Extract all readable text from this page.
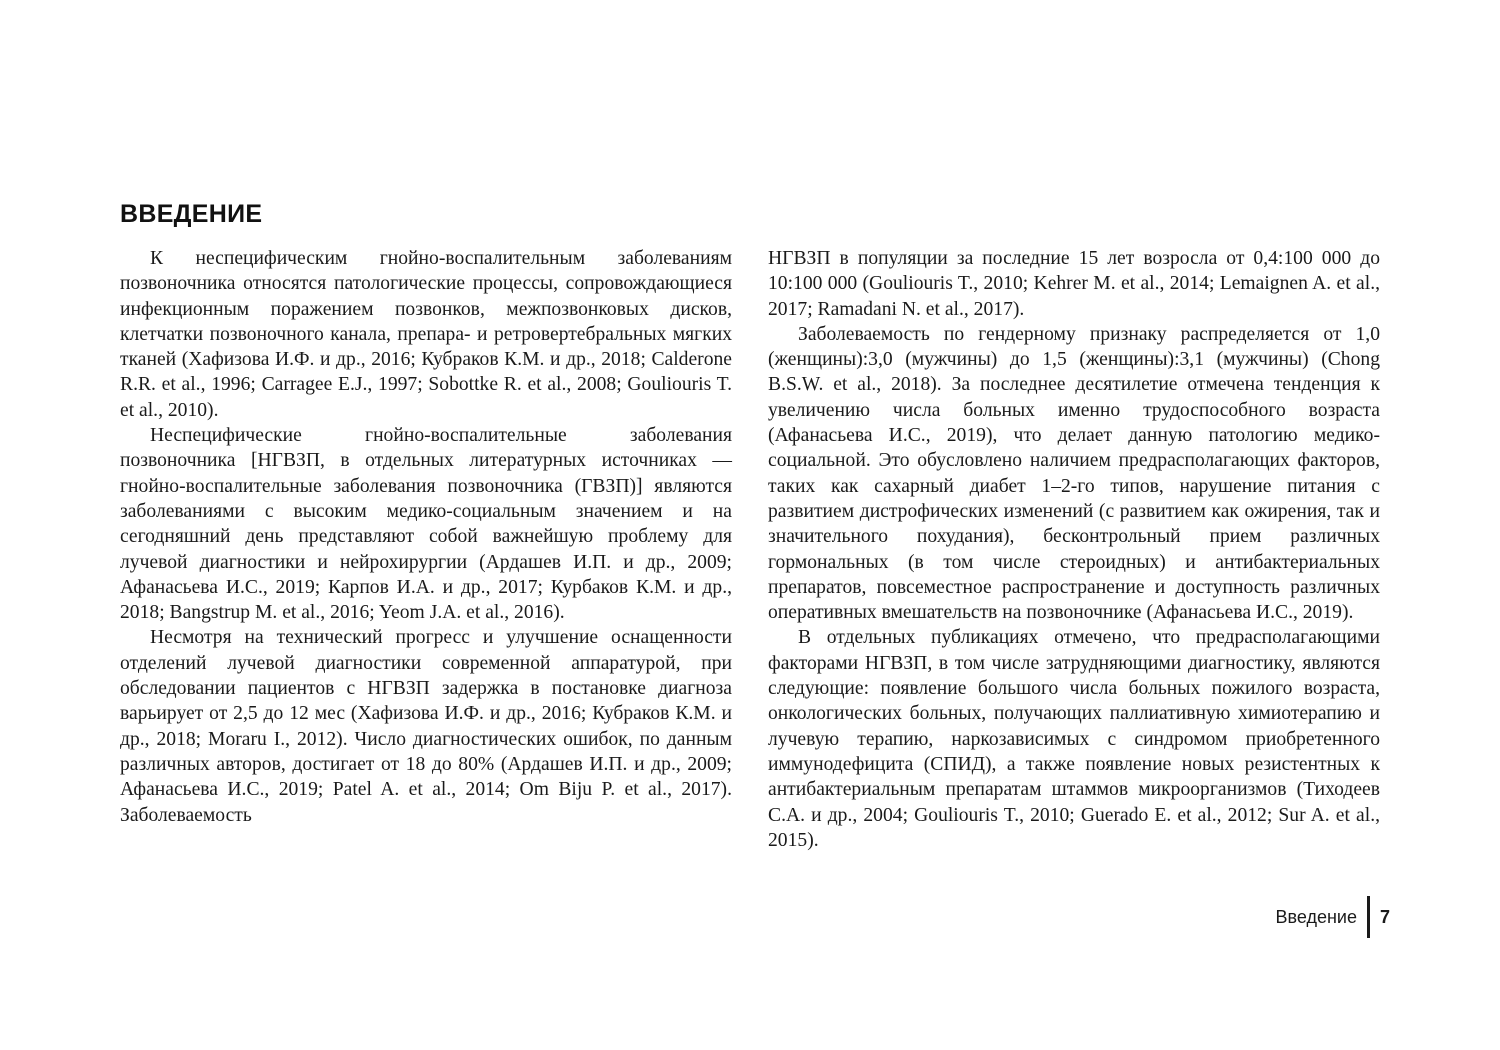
ВВЕДЕНИЕ

К неспецифическим гнойно-воспалительным заболеваниям позвоночника относятся патологические процессы, сопровождающиеся инфекционным поражением позвонков, межпозвонковых дисков, клетчатки позвоночного канала, препара- и ретровертебральных мягких тканей (Хафизова И.Ф. и др., 2016; Кубраков К.М. и др., 2018; Calderone R.R. et al., 1996; Carragee E.J., 1997; Sobottke R. et al., 2008; Gouliouris T. et al., 2010).

Неспецифические гнойно-воспалительные заболевания позвоночника [НГВЗП, в отдельных литературных источниках — гнойно-воспалительные заболевания позвоночника (ГВЗП)] являются заболеваниями с высоким медико-социальным значением и на сегодняшний день представляют собой важнейшую проблему для лучевой диагностики и нейрохирургии (Ардашев И.П. и др., 2009; Афанасьева И.С., 2019; Карпов И.А. и др., 2017; Курбаков К.М. и др., 2018; Bangstrup M. et al., 2016; Yeom J.A. et al., 2016).

Несмотря на технический прогресс и улучшение оснащенности отделений лучевой диагностики современной аппаратурой, при обследовании пациентов с НГВЗП задержка в постановке диагноза варьирует от 2,5 до 12 мес (Хафизова И.Ф. и др., 2016; Кубраков К.М. и др., 2018; Moraru I., 2012). Число диагностических ошибок, по данным различных авторов, достигает от 18 до 80% (Ардашев И.П. и др., 2009; Афанасьева И.С., 2019; Patel A. et al., 2014; Om Biju P. et al., 2017). Заболеваемость

НГВЗП в популяции за последние 15 лет возросла от 0,4:100 000 до 10:100 000 (Gouliouris T., 2010; Kehrer M. et al., 2014; Lemaignen A. et al., 2017; Ramadani N. et al., 2017).

Заболеваемость по гендерному признаку распределяется от 1,0 (женщины):3,0 (мужчины) до 1,5 (женщины):3,1 (мужчины) (Chong B.S.W. et al., 2018). За последнее десятилетие отмечена тенденция к увеличению числа больных именно трудоспособного возраста (Афанасьева И.С., 2019), что делает данную патологию медико-социальной. Это обусловлено наличием предрасполагающих факторов, таких как сахарный диабет 1–2-го типов, нарушение питания с развитием дистрофических изменений (с развитием как ожирения, так и значительного похудания), бесконтрольный прием различных гормональных (в том числе стероидных) и антибактериальных препаратов, повсеместное распространение и доступность различных оперативных вмешательств на позвоночнике (Афанасьева И.С., 2019).

В отдельных публикациях отмечено, что предрасполагающими факторами НГВЗП, в том числе затрудняющими диагностику, являются следующие: появление большого числа больных пожилого возраста, онкологических больных, получающих паллиативную химиотерапию и лучевую терапию, наркозависимых с синдромом приобретенного иммунодефицита (СПИД), а также появление новых резистентных к антибактериальным препаратам штаммов микроорганизмов (Тиходеев С.А. и др., 2004; Gouliouris T., 2010; Guerado E. et al., 2012; Sur A. et al., 2015).

Введение	7
